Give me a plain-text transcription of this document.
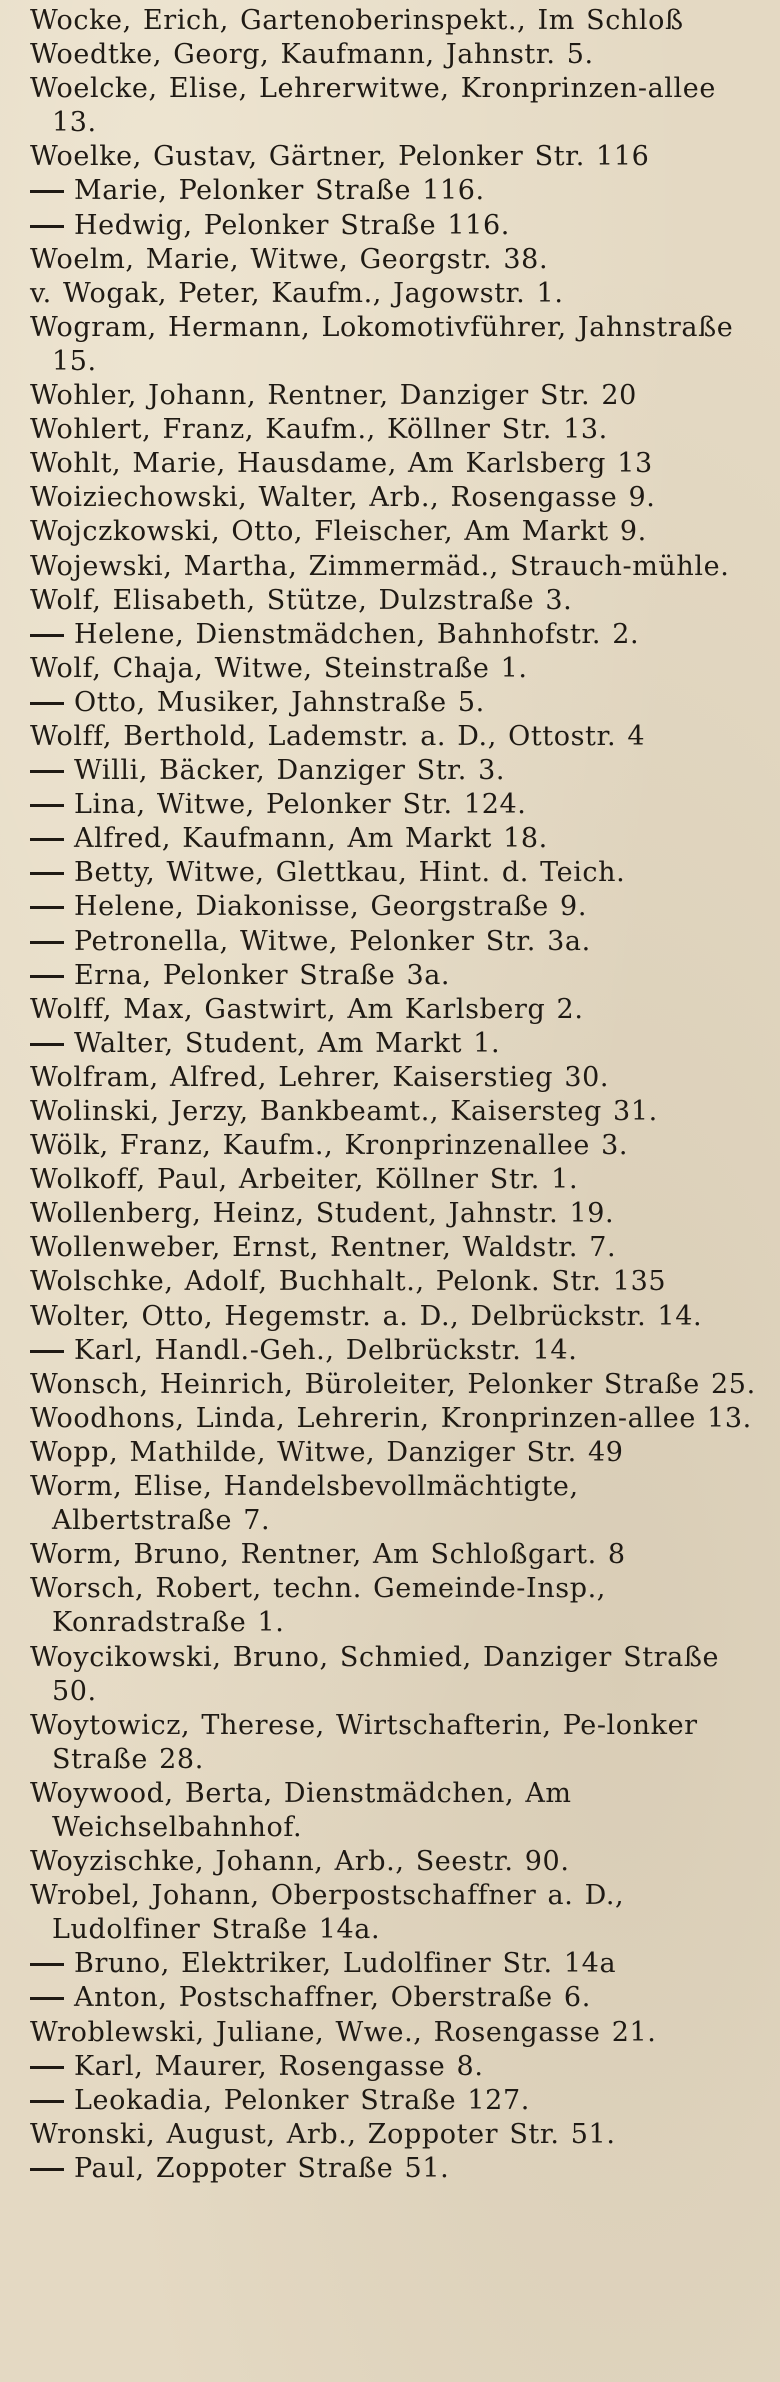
Wocke, Erich, Gartenoberinspekt., Im Schloß
Woedtke, Georg, Kaufmann, Jahnstr. 5.
Woelcke, Elise, Lehrerwitwe, Kronprinzen-allee 13.
Woelke, Gustav, Gärtner, Pelonker Str. 116
Marie, Pelonker Straße 116.
Hedwig, Pelonker Straße 116.
Woelm, Marie, Witwe, Georgstr. 38.
v. Wogak, Peter, Kaufm., Jagowstr. 1.
Wogram, Hermann, Lokomotivführer, Jahnstraße 15.
Wohler, Johann, Rentner, Danziger Str. 20
Wohlert, Franz, Kaufm., Köllner Str. 13.
Wohlt, Marie, Hausdame, Am Karlsberg 13
Woiziechowski, Walter, Arb., Rosengasse 9.
Wojczkowski, Otto, Fleischer, Am Markt 9.
Wojewski, Martha, Zimmermäd., Strauch-mühle.
Wolf, Elisabeth, Stütze, Dulzstraße 3.
Helene, Dienstmädchen, Bahnhofstr. 2.
Wolf, Chaja, Witwe, Steinstraße 1.
Otto, Musiker, Jahnstraße 5.
Wolff, Berthold, Lademstr. a. D., Ottostr. 4
Willi, Bäcker, Danziger Str. 3.
Lina, Witwe, Pelonker Str. 124.
Alfred, Kaufmann, Am Markt 18.
Betty, Witwe, Glettkau, Hint. d. Teich.
Helene, Diakonisse, Georgstraße 9.
Petronella, Witwe, Pelonker Str. 3a.
Erna, Pelonker Straße 3a.
Wolff, Max, Gastwirt, Am Karlsberg 2.
Walter, Student, Am Markt 1.
Wolfram, Alfred, Lehrer, Kaiserstieg 30.
Wolinski, Jerzy, Bankbeamt., Kaisersteg 31.
Wölk, Franz, Kaufm., Kronprinzenallee 3.
Wolkoff, Paul, Arbeiter, Köllner Str. 1.
Wollenberg, Heinz, Student, Jahnstr. 19.
Wollenweber, Ernst, Rentner, Waldstr. 7.
Wolschke, Adolf, Buchhalt., Pelonk. Str. 135
Wolter, Otto, Hegemstr. a. D., Delbrückstr. 14.
Karl, Handl.-Geh., Delbrückstr. 14.
Wonsch, Heinrich, Büroleiter, Pelonker Straße 25.
Woodhons, Linda, Lehrerin, Kronprinzen-allee 13.
Wopp, Mathilde, Witwe, Danziger Str. 49
Worm, Elise, Handelsbevollmächtigte, Albertstraße 7.
Worm, Bruno, Rentner, Am Schloßgart. 8
Worsch, Robert, techn. Gemeinde-Insp., Konradstraße 1.
Woycikowski, Bruno, Schmied, Danziger Straße 50.
Woytowicz, Therese, Wirtschafterin, Pe-lonker Straße 28.
Woywood, Berta, Dienstmädchen, Am Weichselbahnhof.
Woyzischke, Johann, Arb., Seestr. 90.
Wrobel, Johann, Oberpostschaffner a. D., Ludolfiner Straße 14a.
Bruno, Elektriker, Ludolfiner Str. 14a
Anton, Postschaffner, Oberstraße 6.
Wroblewski, Juliane, Wwe., Rosengasse 21.
Karl, Maurer, Rosengasse 8.
Leokadia, Pelonker Straße 127.
Wronski, August, Arb., Zoppoter Str. 51.
Paul, Zoppoter Straße 51.
